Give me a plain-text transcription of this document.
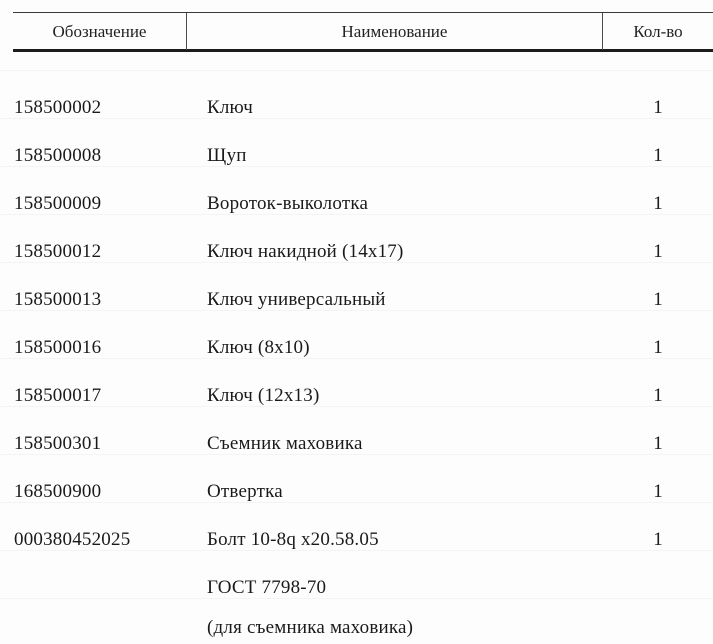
Обозначение	Наименование	Кол-во
158500002	Ключ	1
158500008	Щуп	1
158500009	Вороток-выколотка	1
158500012	Ключ накидной (14x17)	1
158500013	Ключ универсальный	1
158500016	Ключ (8x10)	1
158500017	Ключ (12x13)	1
158500301	Съемник маховика	1
168500900	Отвертка	1
000380452025	Болт 10-8q x20.58.05	1
ГОСТ 7798-70
(для съемника маховика)
